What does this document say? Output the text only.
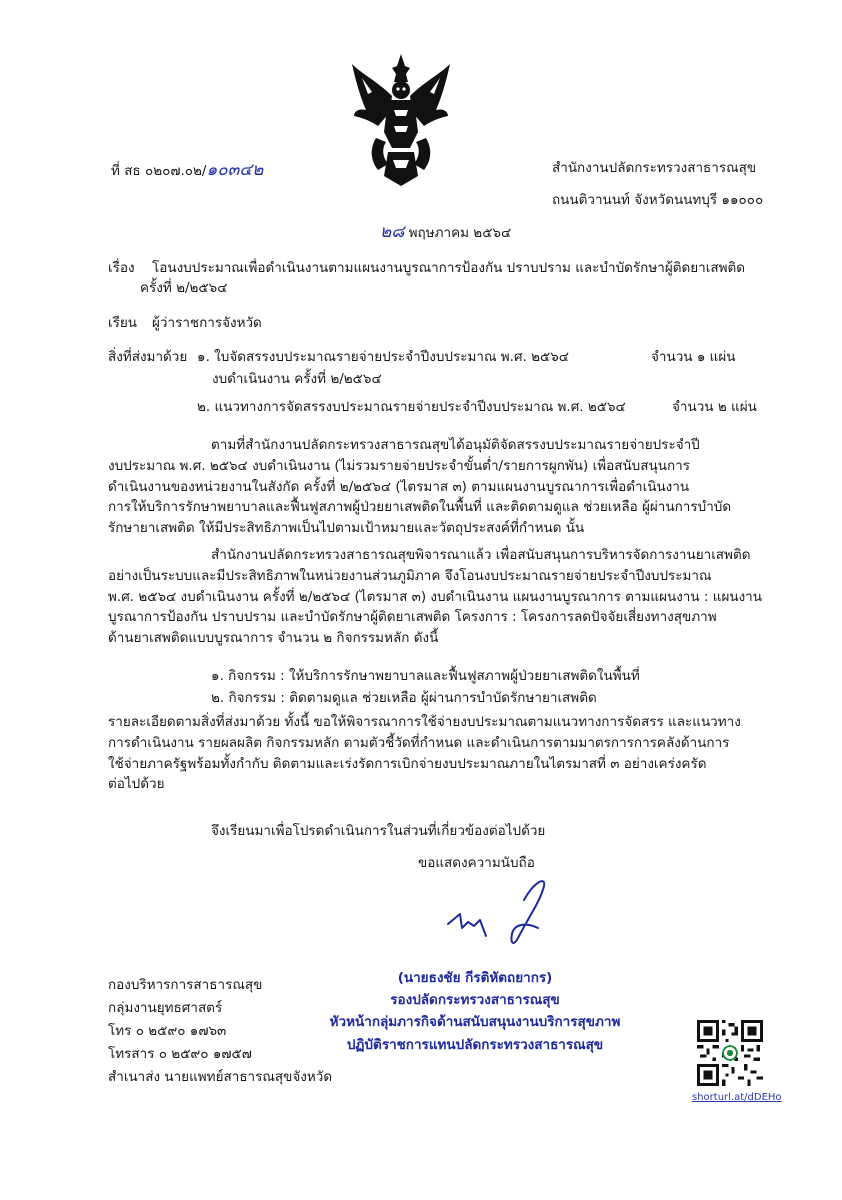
ที่ สธ ๐๒๐๗.๐๒/๑๐๓๔๒	สำนักงานปลัดกระทรวงสาธารณสุข
ถนนติวานนท์ จังหวัดนนทบุรี ๑๑๐๐๐
๒๘ พฤษภาคม ๒๕๖๔
เรื่อง โอนงบประมาณเพื่อดำเนินงานตามแผนงานบูรณาการป้องกัน ปราบปราม และบำบัดรักษาผู้ติดยาเสพติด
ครั้งที่ ๒/๒๕๖๔
เรียน ผู้ว่าราชการจังหวัด
สิ่งที่ส่งมาด้วย ๑. ใบจัดสรรงบประมาณรายจ่ายประจำปีงบประมาณ พ.ศ. ๒๕๖๔	จำนวน ๑ แผ่น
งบดำเนินงาน ครั้งที่ ๒/๒๕๖๔
๒. แนวทางการจัดสรรงบประมาณรายจ่ายประจำปีงบประมาณ พ.ศ. ๒๕๖๔	จำนวน ๒ แผ่น
ตามที่สำนักงานปลัดกระทรวงสาธารณสุขได้อนุมัติจัดสรรงบประมาณรายจ่ายประจำปี
งบประมาณ พ.ศ. ๒๕๖๔ งบดำเนินงาน (ไม่รวมรายจ่ายประจำขั้นต่ำ/รายการผูกพัน) เพื่อสนับสนุนการ
ดำเนินงานของหน่วยงานในสังกัด ครั้งที่ ๒/๒๕๖๔ (ไตรมาส ๓) ตามแผนงานบูรณาการเพื่อดำเนินงาน
การให้บริการรักษาพยาบาลและฟื้นฟูสภาพผู้ป่วยยาเสพติดในพื้นที่ และติดตามดูแล ช่วยเหลือ ผู้ผ่านการบำบัด
รักษายาเสพติด ให้มีประสิทธิภาพเป็นไปตามเป้าหมายและวัตถุประสงค์ที่กำหนด นั้น
สำนักงานปลัดกระทรวงสาธารณสุขพิจารณาแล้ว เพื่อสนับสนุนการบริหารจัดการงานยาเสพติด
อย่างเป็นระบบและมีประสิทธิภาพในหน่วยงานส่วนภูมิภาค จึงโอนงบประมาณรายจ่ายประจำปีงบประมาณ
พ.ศ. ๒๕๖๔ งบดำเนินงาน ครั้งที่ ๒/๒๕๖๔ (ไตรมาส ๓) งบดำเนินงาน แผนงานบูรณาการ ตามแผนงาน : แผนงาน
บูรณาการป้องกัน ปราบปราม และบำบัดรักษาผู้ติดยาเสพติด โครงการ : โครงการลดปัจจัยเสี่ยงทางสุขภาพ
ด้านยาเสพติดแบบบูรณาการ จำนวน ๒ กิจกรรมหลัก ดังนี้
๑. กิจกรรม : ให้บริการรักษาพยาบาลและฟื้นฟูสภาพผู้ป่วยยาเสพติดในพื้นที่
๒. กิจกรรม : ติดตามดูแล ช่วยเหลือ ผู้ผ่านการบำบัดรักษายาเสพติด
รายละเอียดตามสิ่งที่ส่งมาด้วย ทั้งนี้ ขอให้พิจารณาการใช้จ่ายงบประมาณตามแนวทางการจัดสรร และแนวทาง
การดำเนินงาน รายผลผลิต กิจกรรมหลัก ตามตัวชี้วัดที่กำหนด และดำเนินการตามมาตรการการคลังด้านการ
ใช้จ่ายภาครัฐพร้อมทั้งกำกับ ติดตามและเร่งรัดการเบิกจ่ายงบประมาณภายในไตรมาสที่ ๓ อย่างเคร่งครัด
ต่อไปด้วย
จึงเรียนมาเพื่อโปรดดำเนินการในส่วนที่เกี่ยวข้องต่อไปด้วย
ขอแสดงความนับถือ
(นายธงชัย กีรติหัตถยากร)
รองปลัดกระทรวงสาธารณสุข
หัวหน้ากลุ่มภารกิจด้านสนับสนุนงานบริการสุขภาพ
ปฏิบัติราชการแทนปลัดกระทรวงสาธารณสุข
กองบริหารการสาธารณสุข
กลุ่มงานยุทธศาสตร์
โทร ๐ ๒๕๙๐ ๑๗๖๓
โทรสาร ๐ ๒๕๙๐ ๑๗๕๗
สำเนาส่ง นายแพทย์สาธารณสุขจังหวัด
shorturl.at/dDEHo
